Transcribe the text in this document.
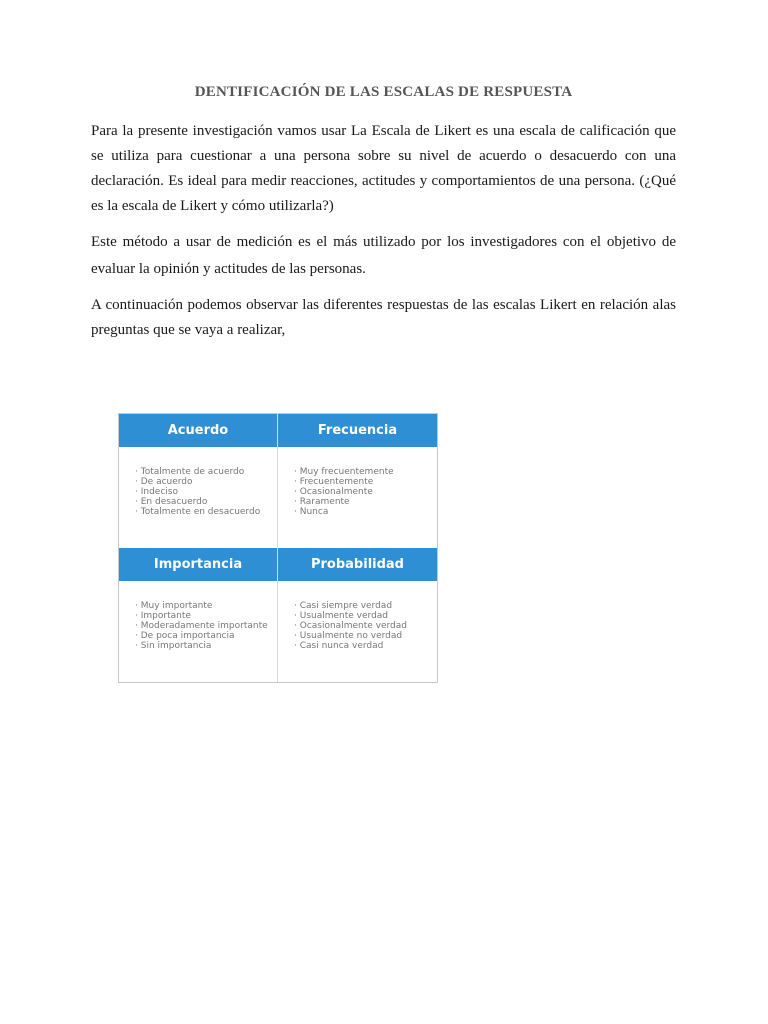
DENTIFICACIÓN DE LAS ESCALAS DE RESPUESTA

Para la presente investigación vamos usar La Escala de Likert es una escala de calificación que se utiliza para cuestionar a una persona sobre su nivel de acuerdo o desacuerdo con una declaración. Es ideal para medir reacciones, actitudes y comportamientos de una persona. (¿Qué es la escala de Likert y cómo utilizarla?)

Este método a usar de medición es el más utilizado por los investigadores con el objetivo de evaluar la opinión y actitudes de las personas.

A continuación podemos observar las diferentes respuestas de las escalas Likert en relación alas preguntas que se vaya a realizar,

Acuerdo
· Totalmente de acuerdo
· De acuerdo
· Indeciso
· En desacuerdo
· Totalmente en desacuerdo
Frecuencia
· Muy frecuentemente
· Frecuentemente
· Ocasionalmente
· Raramente
· Nunca
Importancia
· Muy importante
· Importante
· Moderadamente importante
· De poca importancia
· Sin importancia
Probabilidad
· Casi siempre verdad
· Usualmente verdad
· Ocasionalmente verdad
· Usualmente no verdad
· Casi nunca verdad
